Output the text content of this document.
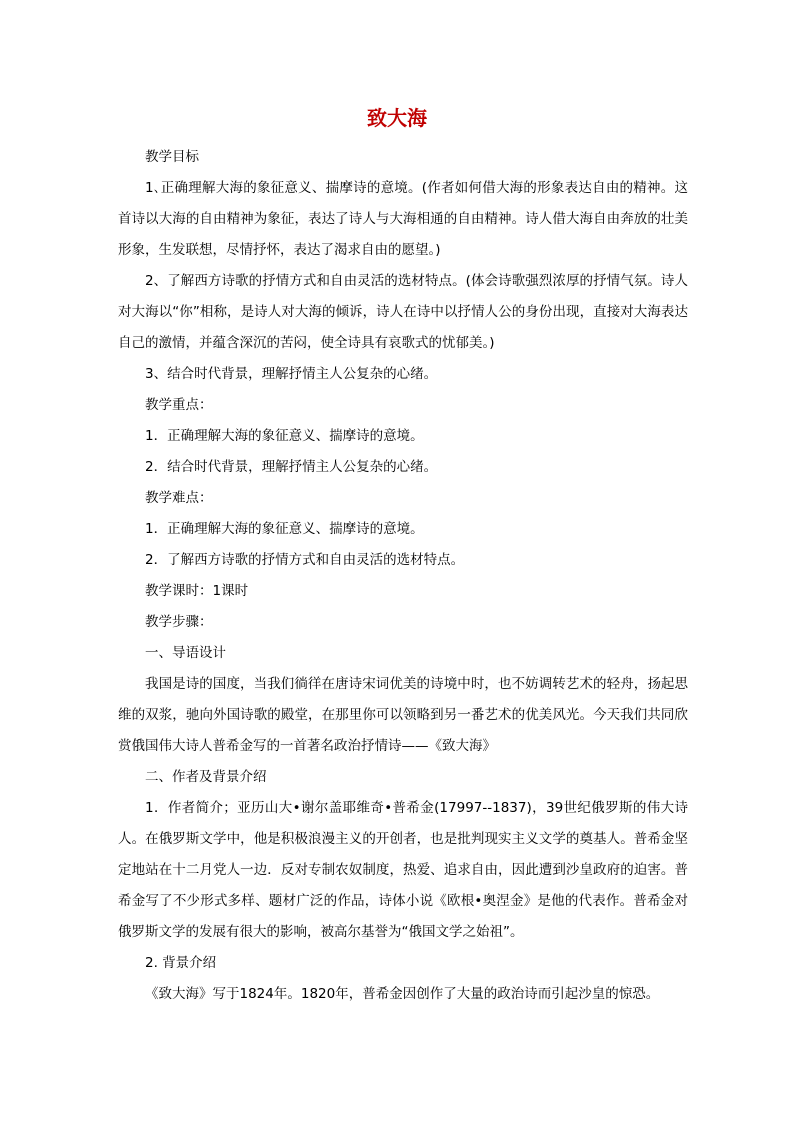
致大海

教学目标

1､正确理解大海的象征意义、揣摩诗的意境。(作者如何借大海的形象表达自由的精神。这首诗以大海的自由精神为象征，表达了诗人与大海相通的自由精神。诗人借大海自由奔放的壮美形象，生发联想，尽情抒怀，表达了渴求自由的愿望。)

2、了解西方诗歌的抒情方式和自由灵活的选材特点。(体会诗歌强烈浓厚的抒情气氛。诗人对大海以“你”相称，是诗人对大海的倾诉，诗人在诗中以抒情人公的身份出现，直接对大海表达自己的激情，并蕴含深沉的苦闷，使全诗具有哀歌式的忧郁美。)

3、结合时代背景，理解抒情主人公复杂的心绪。

教学重点：

1．正确理解大海的象征意义、揣摩诗的意境。

2．结合时代背景，理解抒情主人公复杂的心绪。

教学难点：

1．正确理解大海的象征意义、揣摩诗的意境。

2．了解西方诗歌的抒情方式和自由灵活的选材特点。

教学课时：1课时

教学步骤：

一、导语设计

我国是诗的国度，当我们徜徉在唐诗宋词优美的诗境中时，也不妨调转艺术的轻舟，扬起思维的双浆，驰向外国诗歌的殿堂，在那里你可以领略到另一番艺术的优美风光。今天我们共同欣赏俄国伟大诗人普希金写的一首著名政治抒情诗——《致大海》

二、作者及背景介绍

1．作者简介；亚历山大•谢尔盖耶维奇•普希金(17997--1837)，39世纪俄罗斯的伟大诗人。在俄罗斯文学中，他是积极浪漫主义的开创者，也是批判现实主义文学的奠基人。普希金坚定地站在十二月党人一边．反对专制农奴制度，热爱、追求自由，因此遭到沙皇政府的迫害。普希金写了不少形式多样、题材广泛的作品，诗体小说《欧根•奥涅金》是他的代表作。普希金对俄罗斯文学的发展有很大的影响，被高尔基誉为“俄国文学之始祖”。

2. 背景介绍

《致大海》写于1824年。1820年，普希金因创作了大量的政治诗而引起沙皇的惊恐。
